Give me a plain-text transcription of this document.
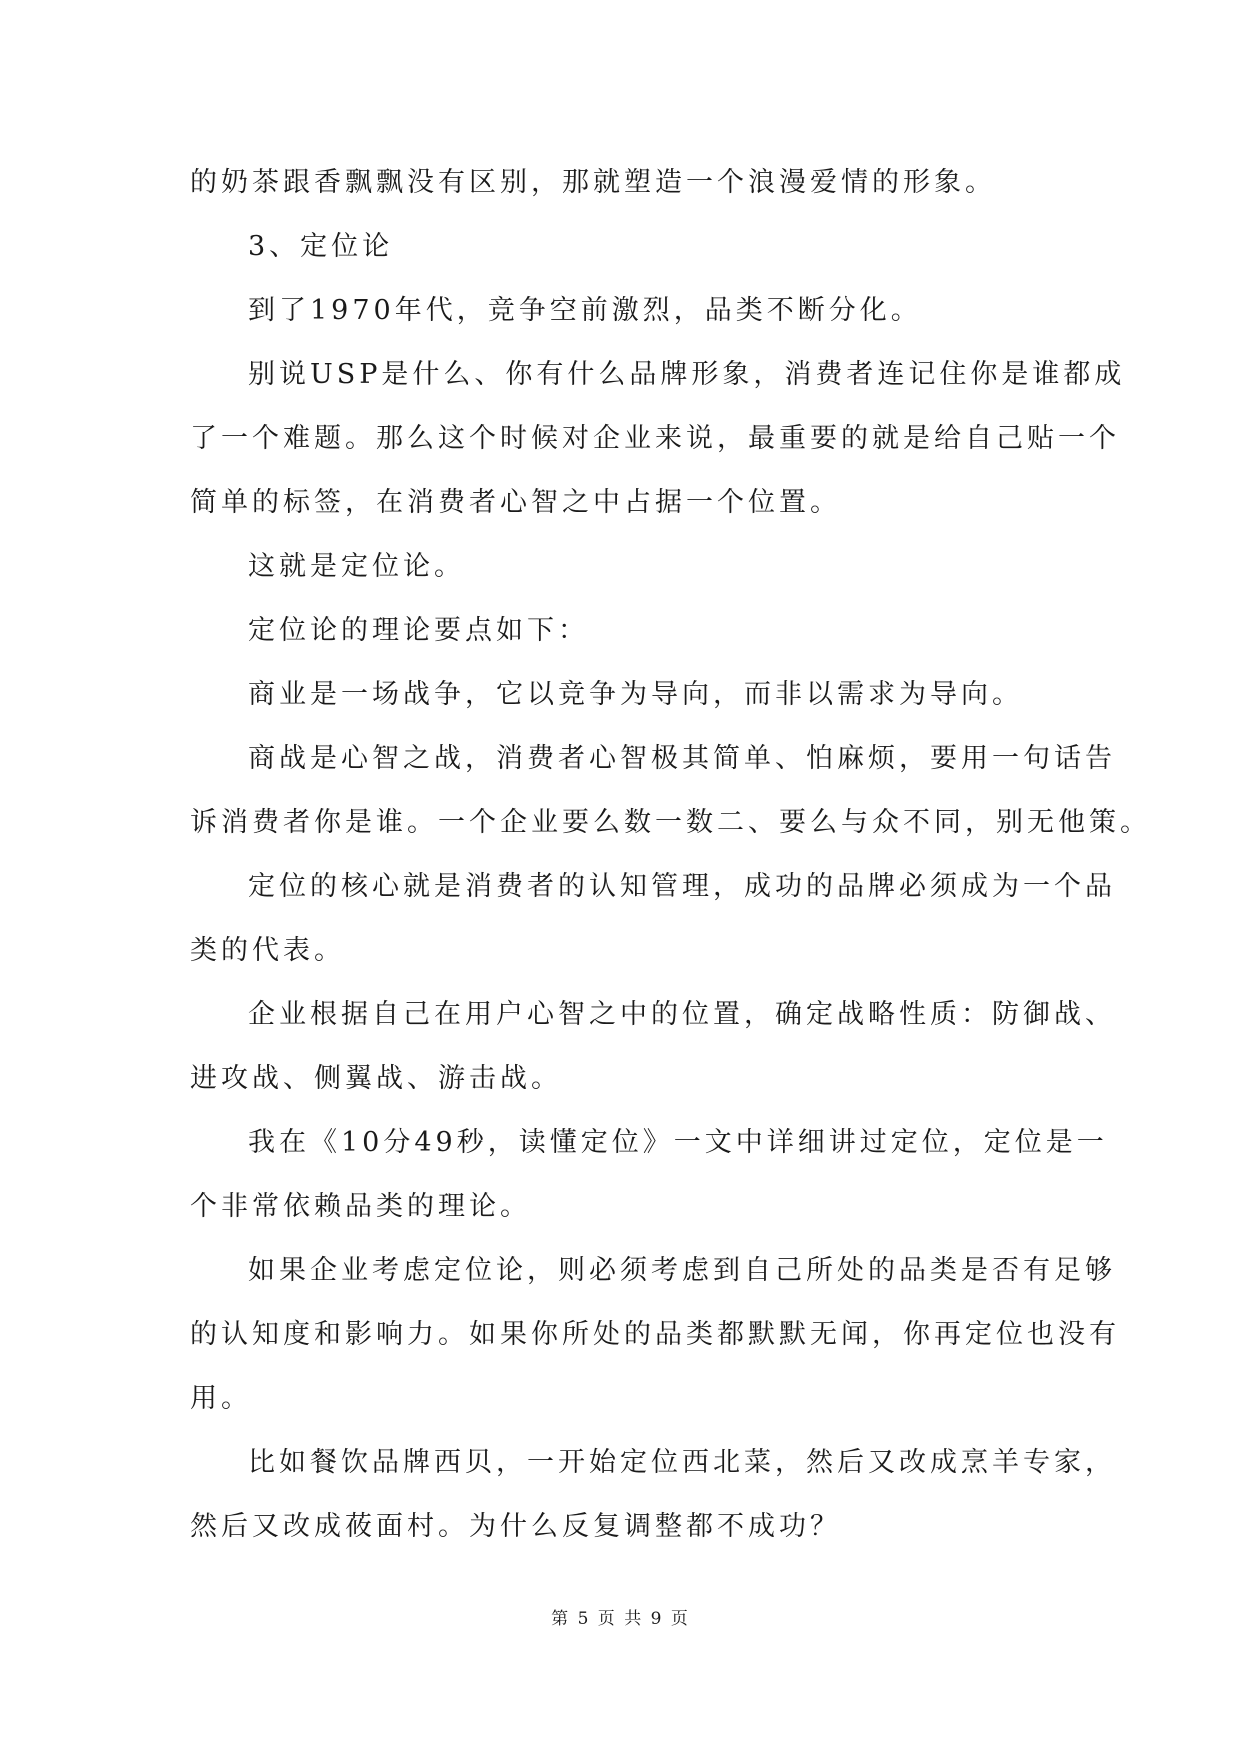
的奶茶跟香飘飘没有区别，那就塑造一个浪漫爱情的形象。
3、定位论
到了1970年代，竞争空前激烈，品类不断分化。
别说USP是什么、你有什么品牌形象，消费者连记住你是谁都成
了一个难题。那么这个时候对企业来说，最重要的就是给自己贴一个
简单的标签，在消费者心智之中占据一个位置。
这就是定位论。
定位论的理论要点如下：
商业是一场战争，它以竞争为导向，而非以需求为导向。
商战是心智之战，消费者心智极其简单、怕麻烦，要用一句话告
诉消费者你是谁。一个企业要么数一数二、要么与众不同，别无他策。
定位的核心就是消费者的认知管理，成功的品牌必须成为一个品
类的代表。
企业根据自己在用户心智之中的位置，确定战略性质：防御战、
进攻战、侧翼战、游击战。
我在《10分49秒，读懂定位》一文中详细讲过定位，定位是一
个非常依赖品类的理论。
如果企业考虑定位论，则必须考虑到自己所处的品类是否有足够
的认知度和影响力。如果你所处的品类都默默无闻，你再定位也没有
用。
比如餐饮品牌西贝，一开始定位西北菜，然后又改成烹羊专家，
然后又改成莜面村。为什么反复调整都不成功？
第 5 页 共 9 页
